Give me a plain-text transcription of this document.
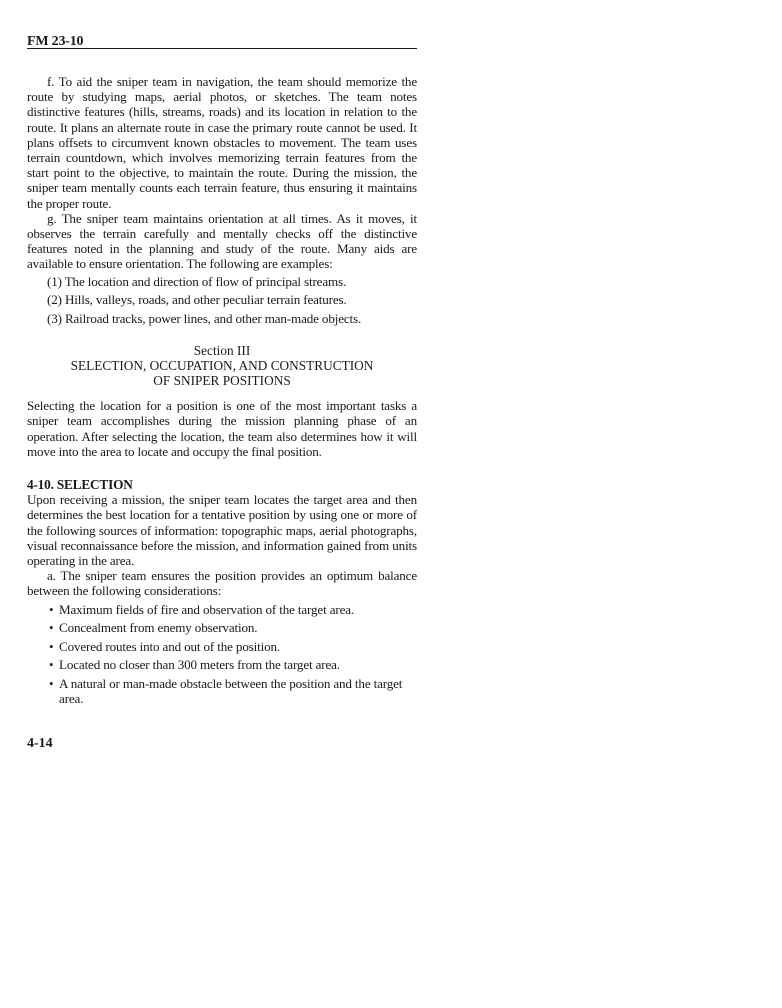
FM 23-10

f. To aid the sniper team in navigation, the team should memorize the route by studying maps, aerial photos, or sketches. The team notes distinctive features (hills, streams, roads) and its location in relation to the route. It plans an alternate route in case the primary route cannot be used. It plans offsets to circumvent known obstacles to movement. The team uses terrain countdown, which involves memorizing terrain features from the start point to the objective, to maintain the route. During the mission, the sniper team mentally counts each terrain feature, thus ensuring it maintains the proper route.

g. The sniper team maintains orientation at all times. As it moves, it observes the terrain carefully and mentally checks off the distinctive features noted in the planning and study of the route. Many aids are available to ensure orientation. The following are examples:

(1) The location and direction of flow of principal streams.
(2) Hills, valleys, roads, and other peculiar terrain features.
(3) Railroad tracks, power lines, and other man-made objects.
Section III
SELECTION, OCCUPATION, AND CONSTRUCTION
OF SNIPER POSITIONS

Selecting the location for a position is one of the most important tasks a sniper team accomplishes during the mission planning phase of an operation. After selecting the location, the team also determines how it will move into the area to locate and occupy the final position.

4-10. SELECTION

Upon receiving a mission, the sniper team locates the target area and then determines the best location for a tentative position by using one or more of the following sources of information: topographic maps, aerial photographs, visual reconnaissance before the mission, and information gained from units operating in the area.

a. The sniper team ensures the position provides an optimum balance between the following considerations:

• Maximum fields of fire and observation of the target area.
• Concealment from enemy observation.
• Covered routes into and out of the position.
• Located no closer than 300 meters from the target area.
• A natural or man-made obstacle between the position and the target area.
4-14
